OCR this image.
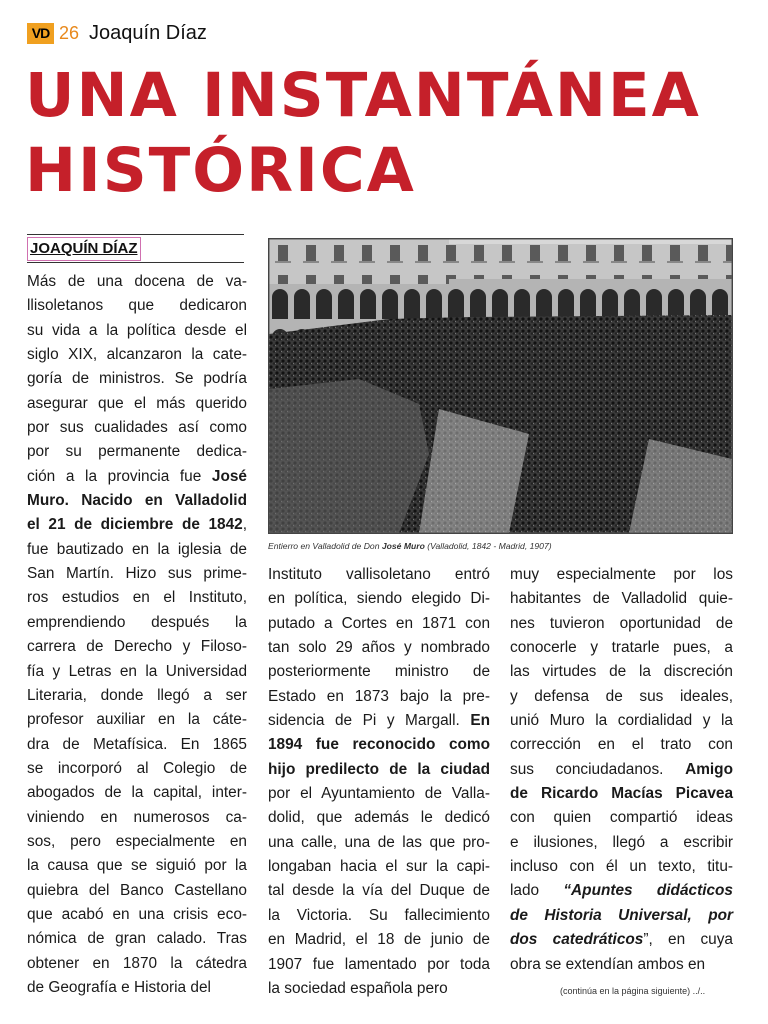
VD 26 Joaquín Díaz
UNA INSTANTÁNEA
HISTÓRICA
JOAQUÍN DÍAZ
Más de una docena de va-
llisoletanos que dedicaron
su vida a la política desde el
siglo XIX, alcanzaron la cate-
goría de ministros. Se podría
asegurar que el más querido
por sus cualidades así como
por su permanente dedica-
ción a la provincia fue José
Muro. Nacido en Valladolid
el 21 de diciembre de 1842,
fue bautizado en la iglesia de
San Martín. Hizo sus prime-
ros estudios en el Instituto,
emprendiendo después la
carrera de Derecho y Filoso-
fía y Letras en la Universidad
Literaria, donde llegó a ser
profesor auxiliar en la cáte-
dra de Metafísica. En 1865
se incorporó al Colegio de
abogados de la capital, inter-
viniendo en numerosos ca-
sos, pero especialmente en
la causa que se siguió por la
quiebra del Banco Castellano
que acabó en una crisis eco-
nómica de gran calado. Tras
obtener en 1870 la cátedra
de Geografía e Historia del
Entierro en Valladolid de Don José Muro (Valladolid, 1842 - Madrid, 1907)
Instituto vallisoletano entró
en política, siendo elegido Di-
putado a Cortes en 1871 con
tan solo 29 años y nombrado
posteriormente ministro de
Estado en 1873 bajo la pre-
sidencia de Pi y Margall. En
1894 fue reconocido como
hijo predilecto de la ciudad
por el Ayuntamiento de Valla-
dolid, que además le dedicó
una calle, una de las que pro-
longaban hacia el sur la capi-
tal desde la vía del Duque de
la Victoria. Su fallecimiento
en Madrid, el 18 de junio de
1907 fue lamentado por toda
la sociedad española pero
muy especialmente por los
habitantes de Valladolid quie-
nes tuvieron oportunidad de
conocerle y tratarle pues, a
las virtudes de la discreción
y defensa de sus ideales,
unió Muro la cordialidad y la
corrección en el trato con
sus conciudadanos. Amigo
de Ricardo Macías Picavea
con quien compartió ideas
e ilusiones, llegó a escribir
incluso con él un texto, titu-
lado “Apuntes didácticos
de Historia Universal, por
dos catedráticos”, en cuya
obra se extendían ambos en
(continúa en la página siguiente) ../..
